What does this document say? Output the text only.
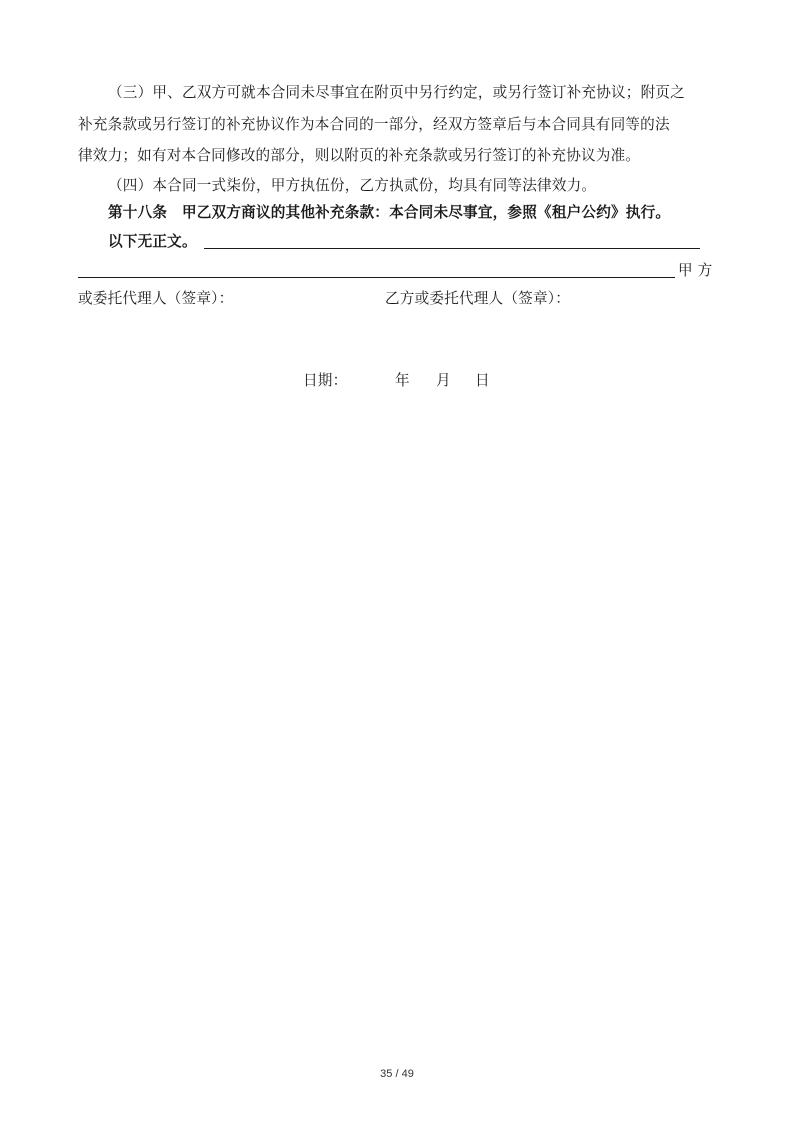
（三）甲、乙双方可就本合同未尽事宜在附页中另行约定，或另行签订补充协议；附页之
补充条款或另行签订的补充协议作为本合同的一部分，经双方签章后与本合同具有同等的法
律效力；如有对本合同修改的部分，则以附页的补充条款或另行签订的补充协议为准。
（四）本合同一式柒份，甲方执伍份，乙方执贰份，均具有同等法律效力。
第十八条　甲乙双方商议的其他补充条款：本合同未尽事宜，参照《租户公约》执行。
以下无正文。
甲 方
或委托代理人（签章）：	乙方或委托代理人（签章）：
日期：	年 月 日
35 / 49
